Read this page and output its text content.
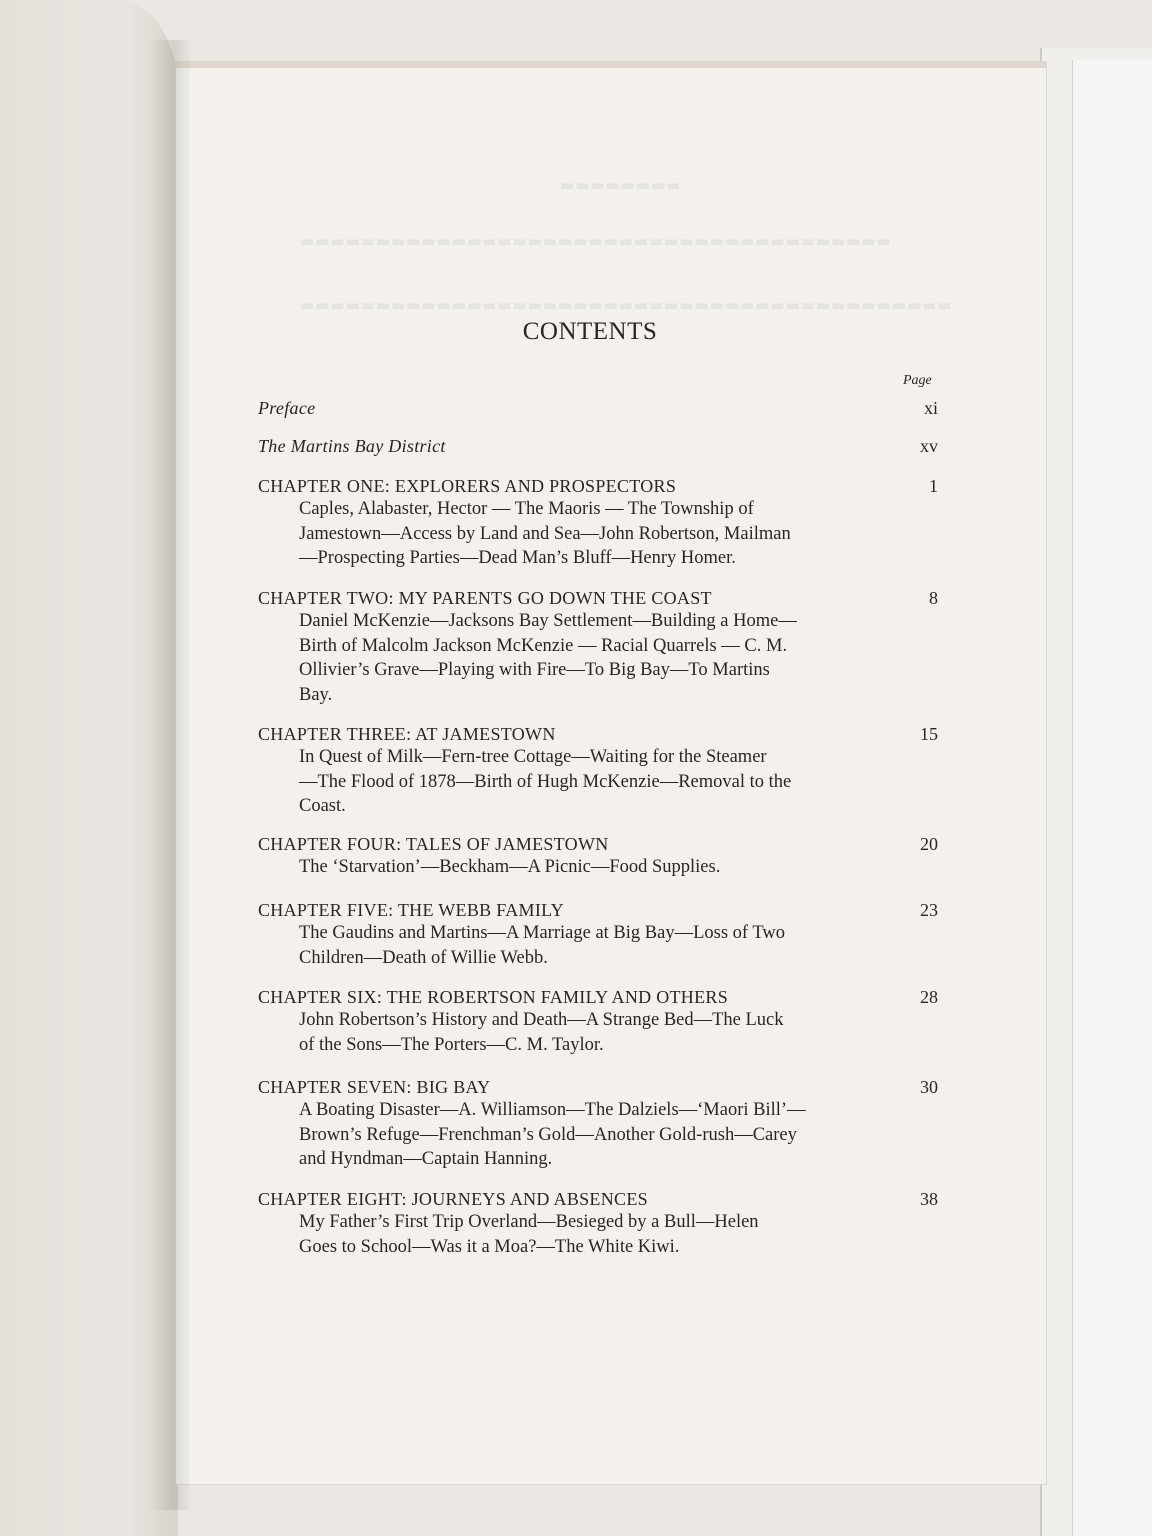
▬▬▬▬▬▬▬▬
▬▬▬▬▬▬▬▬▬▬▬▬▬▬▬▬▬▬▬▬▬▬▬▬▬▬▬▬▬▬▬▬▬▬▬▬▬▬▬
▬▬▬▬▬▬▬▬▬▬▬▬▬▬▬▬▬▬▬▬▬▬▬▬▬▬▬▬▬▬▬▬▬▬▬▬▬▬▬▬▬▬▬
CONTENTS
Page
Preface	xi
The Martins Bay District	xv
CHAPTER ONE: EXPLORERS AND PROSPECTORS	1
Caples, Alabaster, Hector — The Maoris — The Township of
Jamestown—Access by Land and Sea—John Robertson, Mailman
—Prospecting Parties—Dead Man’s Bluff—Henry Homer.
CHAPTER TWO: MY PARENTS GO DOWN THE COAST	8
Daniel McKenzie—Jacksons Bay Settlement—Building a Home—
Birth of Malcolm Jackson McKenzie — Racial Quarrels — C. M.
Ollivier’s Grave—Playing with Fire—To Big Bay—To Martins
Bay.
CHAPTER THREE: AT JAMESTOWN	15
In Quest of Milk—Fern-tree Cottage—Waiting for the Steamer
—The Flood of 1878—Birth of Hugh McKenzie—Removal to the
Coast.
CHAPTER FOUR: TALES OF JAMESTOWN	20
The ‘Starvation’—Beckham—A Picnic—Food Supplies.
CHAPTER FIVE: THE WEBB FAMILY	23
The Gaudins and Martins—A Marriage at Big Bay—Loss of Two
Children—Death of Willie Webb.
CHAPTER SIX: THE ROBERTSON FAMILY AND OTHERS	28
John Robertson’s History and Death—A Strange Bed—The Luck
of the Sons—The Porters—C. M. Taylor.
CHAPTER SEVEN: BIG BAY	30
A Boating Disaster—A. Williamson—The Dalziels—‘Maori Bill’—
Brown’s Refuge—Frenchman’s Gold—Another Gold-rush—Carey
and Hyndman—Captain Hanning.
CHAPTER EIGHT: JOURNEYS AND ABSENCES	38
My Father’s First Trip Overland—Besieged by a Bull—Helen
Goes to School—Was it a Moa?—The White Kiwi.
